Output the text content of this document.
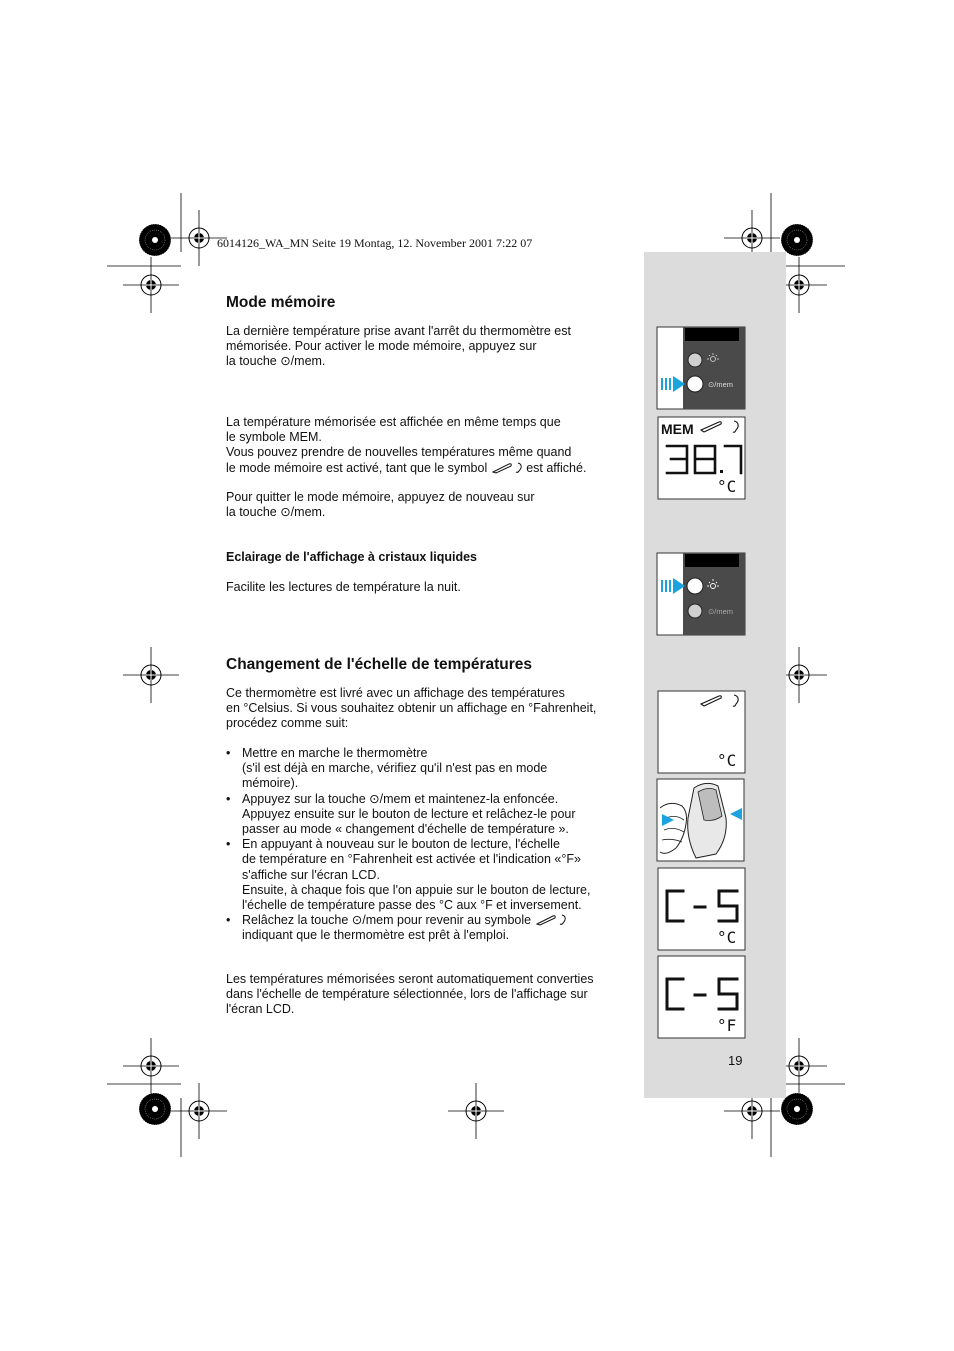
6014126_WA_MN Seite 19 Montag, 12. November 2001 7:22 07
Mode mémoire
La dernière température prise avant l'arrêt du thermomètre est
mémorisée. Pour activer le mode mémoire, appuyez sur
la touche ⊙/mem.
La température mémorisée est affichée en même temps que
le symbole MEM.
Vous pouvez prendre de nouvelles températures même quand
le mode mémoire est activé, tant que le symbol	est affiché.
Pour quitter le mode mémoire, appuyez de nouveau sur
la touche ⊙/mem.
Eclairage de l'affichage à cristaux liquides
Facilite les lectures de température la nuit.
Changement de l'échelle de températures
Ce thermomètre est livré avec un affichage des températures
en °Celsius. Si vous souhaitez obtenir un affichage en °Fahrenheit,
procédez comme suit:
• Mettre en marche le thermomètre
(s'il est déjà en marche, vérifiez qu'il n'est pas en mode
mémoire).
• Appuyez sur la touche ⊙/mem et maintenez-la enfoncée.
Appuyez ensuite sur le bouton de lecture et relâchez-le pour
passer au mode « changement d'échelle de température ».
• En appuyant à nouveau sur le bouton de lecture, l'échelle
de température en °Fahrenheit est activée et l'indication «°F»
s'affiche sur l'écran LCD.
Ensuite, à chaque fois que l'on appuie sur le bouton de lecture,
l'échelle de température passe des °C aux °F et inversement.
• Relâchez la touche ⊙/mem pour revenir au symbole
indiquant que le thermomètre est prêt à l'emploi.
Les températures mémorisées seront automatiquement converties
dans l'échelle de température sélectionnée, lors de l'affichage sur
l'écran LCD.
19
⊙/mem
MEM
°C
⊙/mem
°C
°C
°F
